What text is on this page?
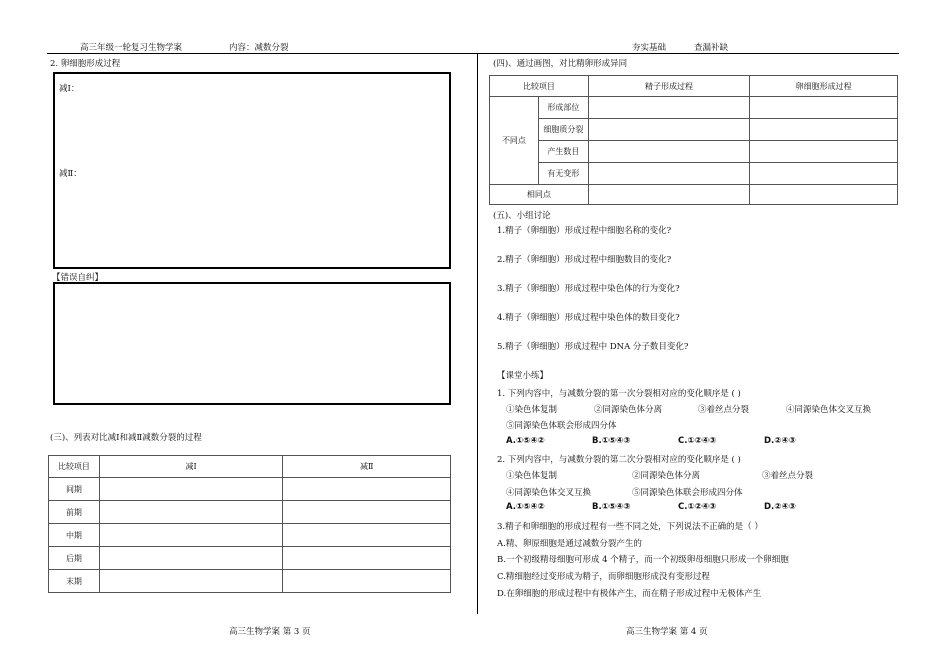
高三年级一轮复习生物学案	内容：减数分裂	夯实基础	查漏补缺
2. 卵细胞形成过程
减Ⅰ：
减Ⅱ：
【错误自纠】
(三)、列表对比减Ⅰ和减Ⅱ减数分裂的过程
比较项目	减Ⅰ	减Ⅱ
间期		
前期		
中期		
后期		
末期		
高三生物学案 第 3 页
(四)、通过画图，对比精卵形成异同
比较项目		精子形成过程	卵细胞形成过程
不同点	形成部位		
	细胞质分裂		
	产生数目		
	有无变形		
相同点			
(五)、小组讨论
1.精子（卵细胞）形成过程中细胞名称的变化?
2.精子（卵细胞）形成过程中细胞数目的变化?
3.精子（卵细胞）形成过程中染色体的行为变化?
4.精子（卵细胞）形成过程中染色体的数目变化?
5.精子（卵细胞）形成过程中 DNA 分子数目变化?
【课堂小练】
1. 下列内容中，与减数分裂的第一次分裂相对应的变化顺序是 ( )
①染色体复制	②同源染色体分离	③着丝点分裂	④同源染色体交叉互换
⑤同源染色体联会形成四分体
A.①⑤④②	B.①⑤④③	C.①②④③	D.②④③
2. 下列内容中，与减数分裂的第二次分裂相对应的变化顺序是 ( )
①染色体复制	②同源染色体分离	③着丝点分裂
④同源染色体交叉互换	⑤同源染色体联会形成四分体
A.①⑤④②	B.①⑤④③	C.①②④③	D.②④③
3.精子和卵细胞的形成过程有一些不同之处，下列说法不正确的是（ ）
A.精、卵原细胞是通过减数分裂产生的
B.一个初级精母细胞可形成 4 个精子，而一个初级卵母细胞只形成一个卵细胞
C.精细胞经过变形成为精子，而卵细胞形成没有变形过程
D.在卵细胞的形成过程中有极体产生，而在精子形成过程中无极体产生
高三生物学案 第 4 页
